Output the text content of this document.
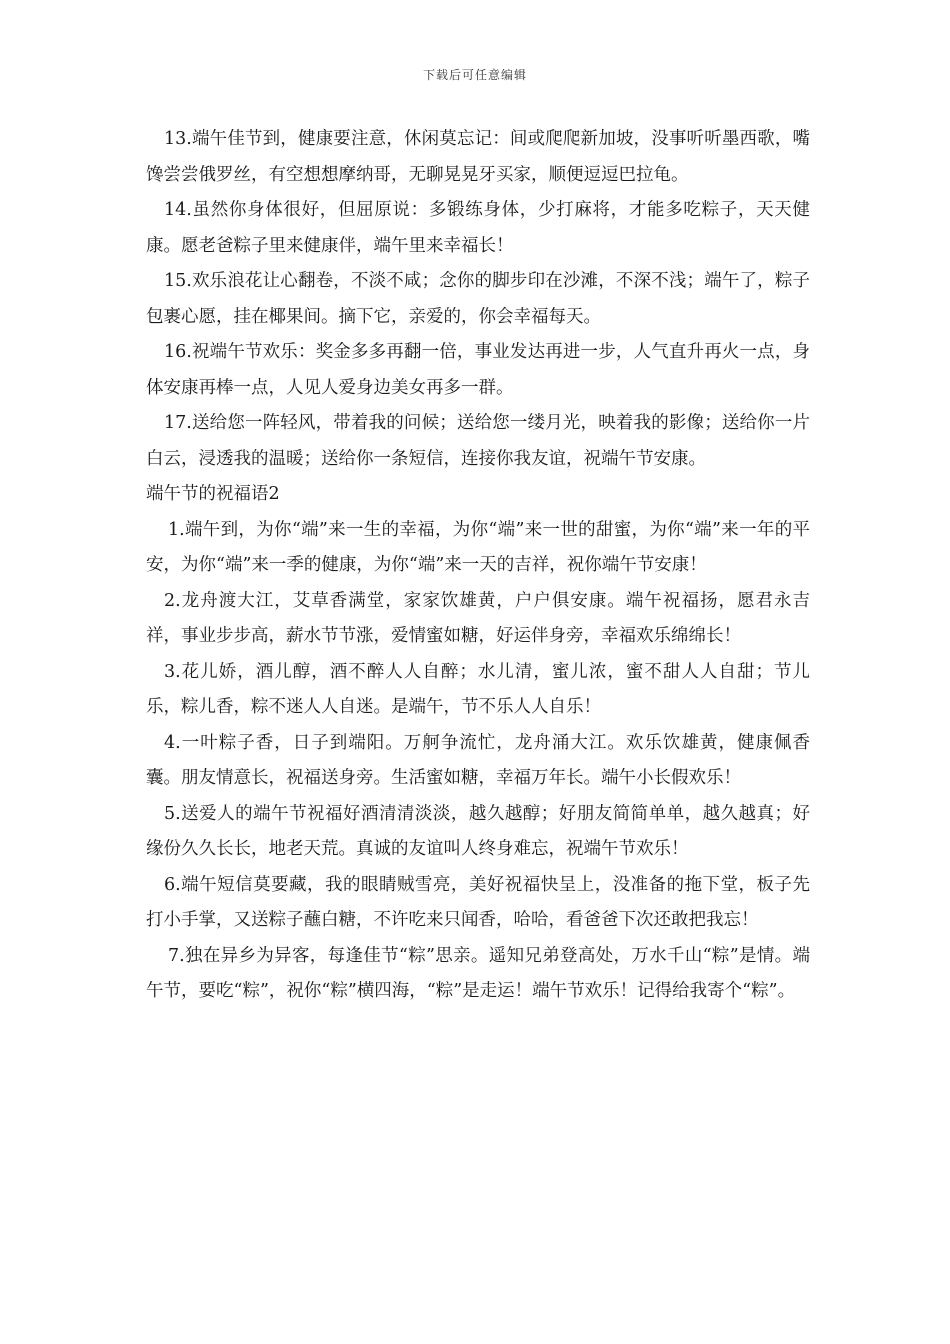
下载后可任意编辑

13.端午佳节到，健康要注意，休闲莫忘记：间或爬爬新加坡，没事听听墨西歌，嘴馋尝尝俄罗丝，有空想想摩纳哥，无聊晃晃牙买家，顺便逗逗巴拉龟。

14.虽然你身体很好，但屈原说：多锻练身体，少打麻将，才能多吃粽子，天天健康。愿老爸粽子里来健康伴，端午里来幸福长！

15.欢乐浪花让心翻卷，不淡不咸；念你的脚步印在沙滩，不深不浅；端午了，粽子包裹心愿，挂在椰果间。摘下它，亲爱的，你会幸福每天。

16.祝端午节欢乐：奖金多多再翻一倍，事业发达再进一步，人气直升再火一点，身体安康再棒一点，人见人爱身边美女再多一群。

17.送给您一阵轻风，带着我的问候；送给您一缕月光，映着我的影像；送给你一片白云，浸透我的温暖；送给你一条短信，连接你我友谊，祝端午节安康。

端午节的祝福语2

1.端午到，为你“端”来一生的幸福，为你“端”来一世的甜蜜，为你“端”来一年的平安，为你“端”来一季的健康，为你“端”来一天的吉祥，祝你端午节安康！

2.龙舟渡大江，艾草香满堂，家家饮雄黄，户户俱安康。端午祝福扬，愿君永吉祥，事业步步高，薪水节节涨，爱情蜜如糖，好运伴身旁，幸福欢乐绵绵长！

3.花儿娇，酒儿醇，酒不醉人人自醉；水儿清，蜜儿浓，蜜不甜人人自甜；节儿乐，粽儿香，粽不迷人人自迷。是端午，节不乐人人自乐！

4.一叶粽子香，日子到端阳。万舸争流忙，龙舟涌大江。欢乐饮雄黄，健康佩香囊。朋友情意长，祝福送身旁。生活蜜如糖，幸福万年长。端午小长假欢乐！

5.送爱人的端午节祝福好酒清清淡淡，越久越醇；好朋友简简单单，越久越真；好缘份久久长长，地老天荒。真诚的友谊叫人终身难忘，祝端午节欢乐！

6.端午短信莫要藏，我的眼睛贼雪亮，美好祝福快呈上，没准备的拖下堂，板子先打小手掌，又送粽子蘸白糖，不许吃来只闻香，哈哈，看爸爸下次还敢把我忘！

7.独在异乡为异客，每逢佳节“粽”思亲。遥知兄弟登高处，万水千山“粽”是情。端午节，要吃“粽”，祝你“粽”横四海，“粽”是走运！端午节欢乐！记得给我寄个“粽”。
